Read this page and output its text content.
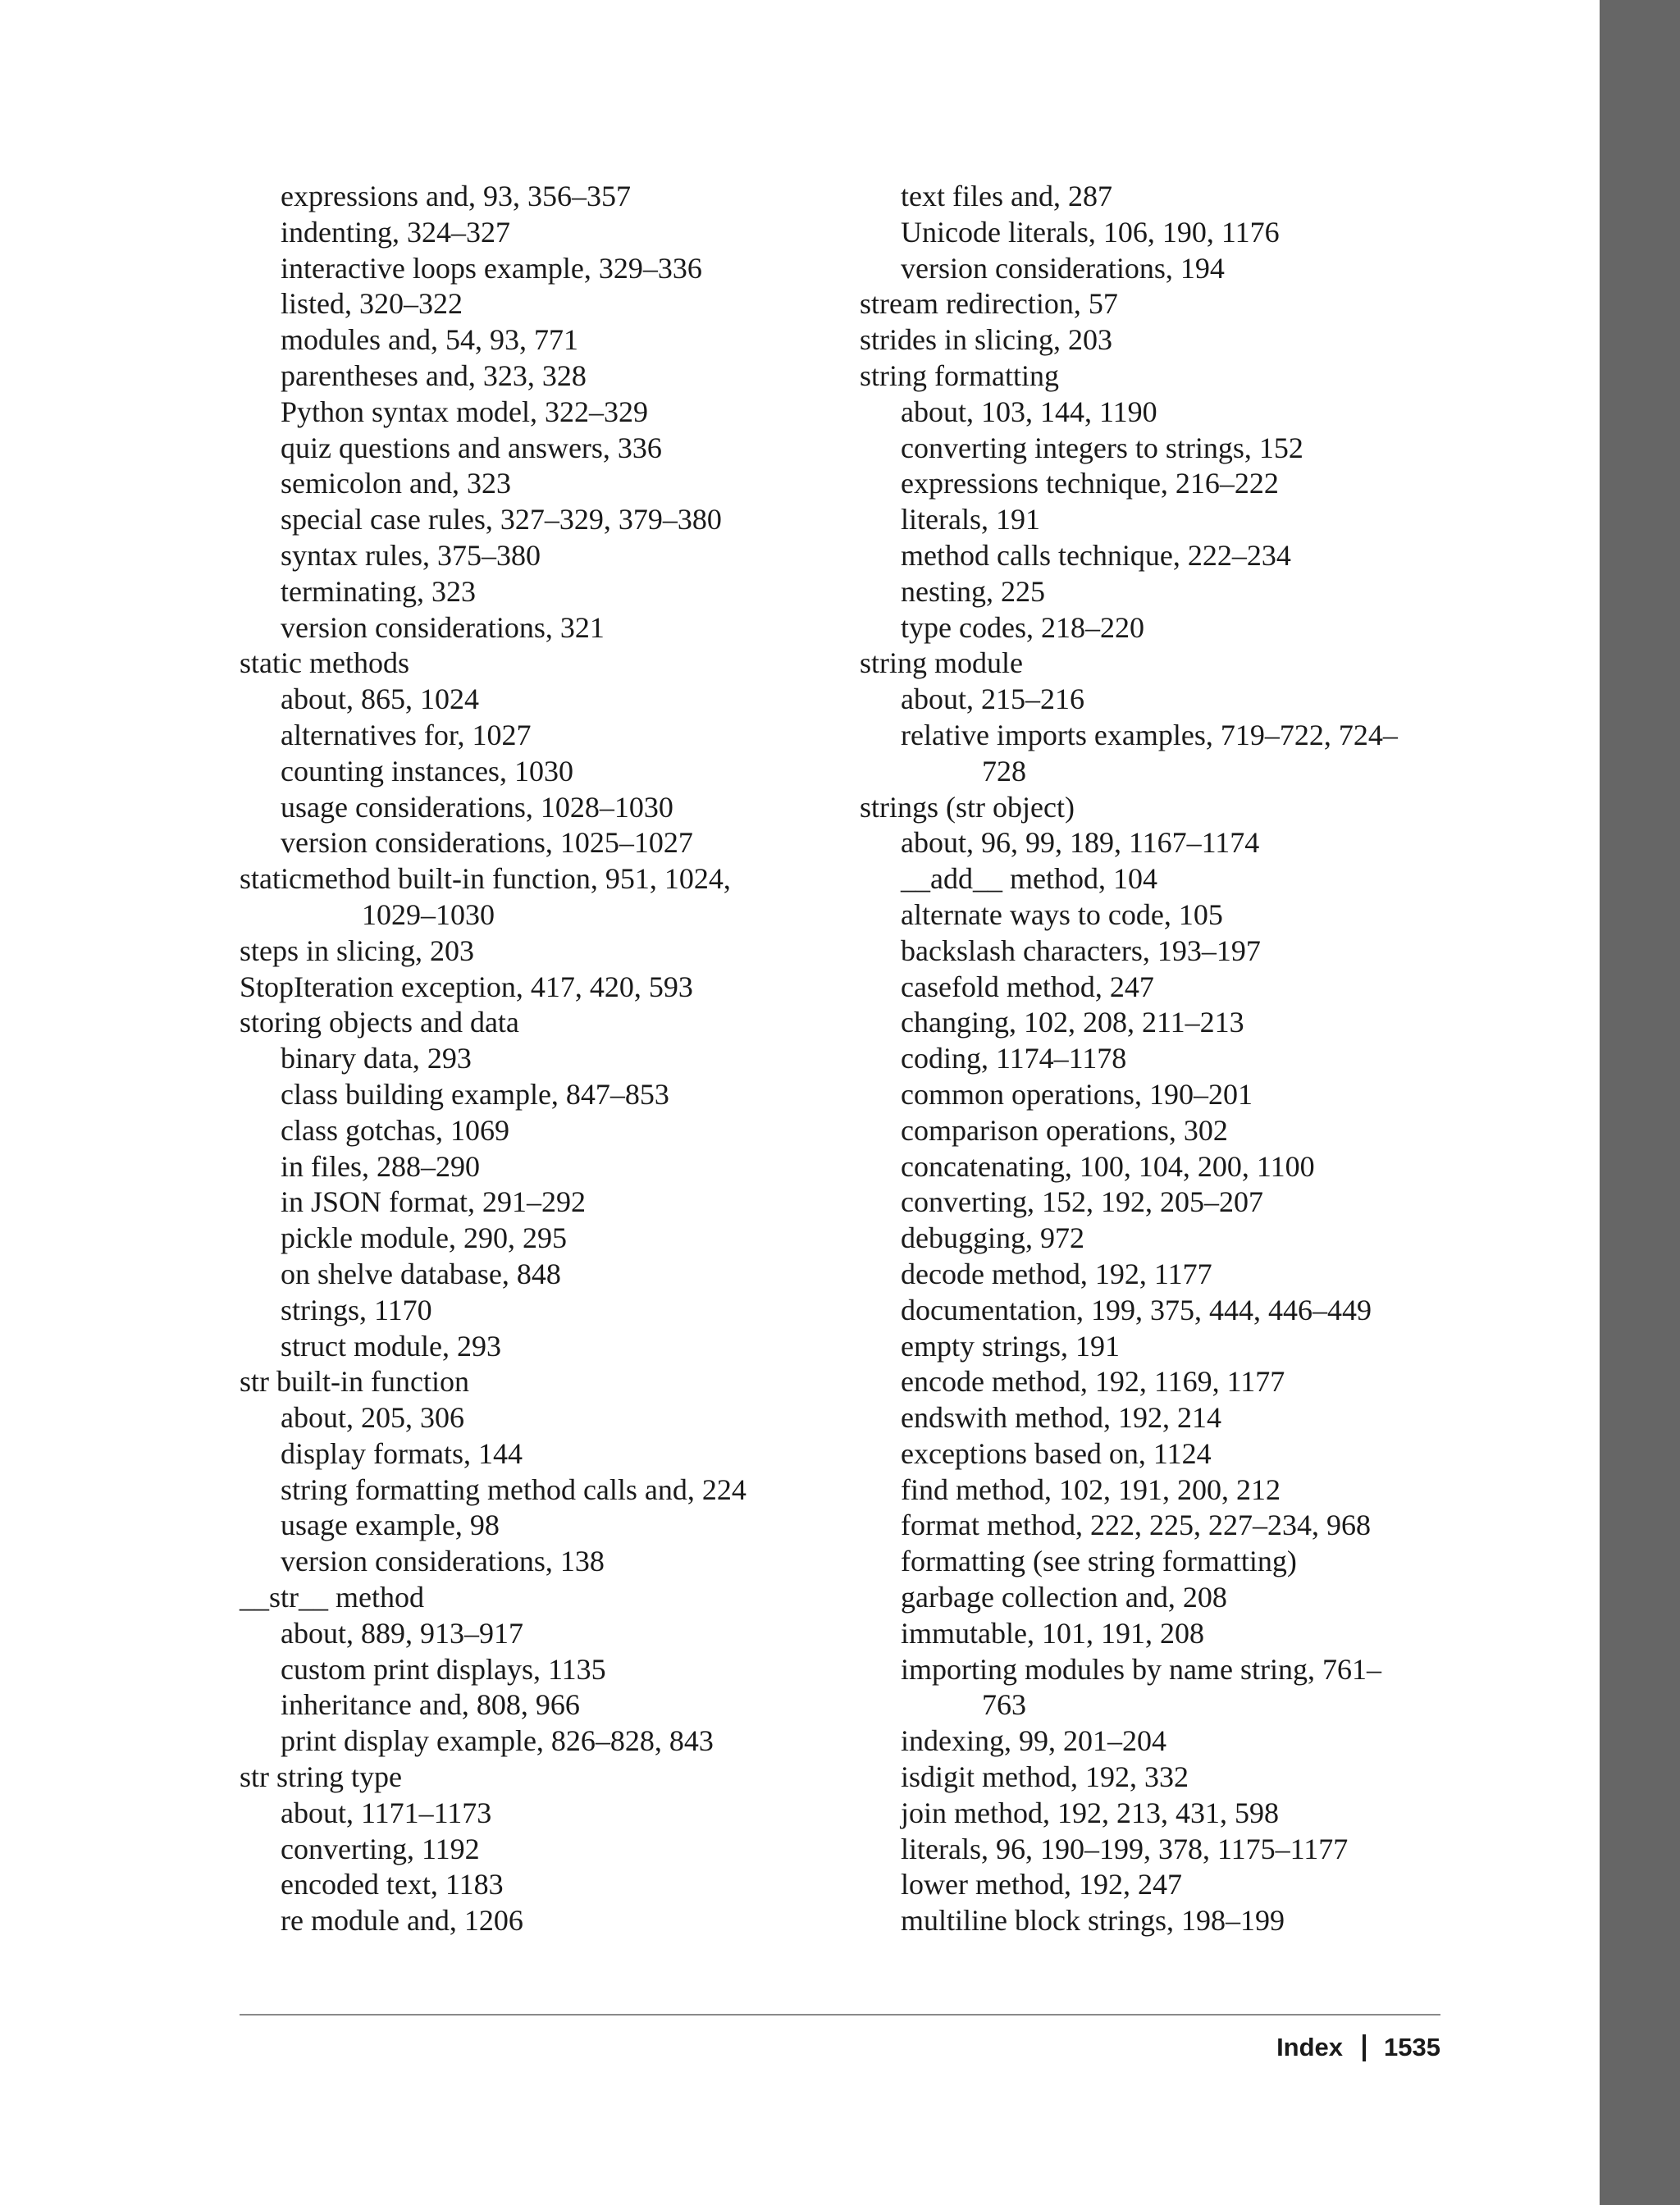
expressions and, 93, 356–357
indenting, 324–327
interactive loops example, 329–336
listed, 320–322
modules and, 54, 93, 771
parentheses and, 323, 328
Python syntax model, 322–329
quiz questions and answers, 336
semicolon and, 323
special case rules, 327–329, 379–380
syntax rules, 375–380
terminating, 323
version considerations, 321
static methods
about, 865, 1024
alternatives for, 1027
counting instances, 1030
usage considerations, 1028–1030
version considerations, 1025–1027
staticmethod built-in function, 951, 1024,
1029–1030
steps in slicing, 203
StopIteration exception, 417, 420, 593
storing objects and data
binary data, 293
class building example, 847–853
class gotchas, 1069
in files, 288–290
in JSON format, 291–292
pickle module, 290, 295
on shelve database, 848
strings, 1170
struct module, 293
str built-in function
about, 205, 306
display formats, 144
string formatting method calls and, 224
usage example, 98
version considerations, 138
__str__ method
about, 889, 913–917
custom print displays, 1135
inheritance and, 808, 966
print display example, 826–828, 843
str string type
about, 1171–1173
converting, 1192
encoded text, 1183
re module and, 1206
text files and, 287
Unicode literals, 106, 190, 1176
version considerations, 194
stream redirection, 57
strides in slicing, 203
string formatting
about, 103, 144, 1190
converting integers to strings, 152
expressions technique, 216–222
literals, 191
method calls technique, 222–234
nesting, 225
type codes, 218–220
string module
about, 215–216
relative imports examples, 719–722, 724–
728
strings (str object)
about, 96, 99, 189, 1167–1174
__add__ method, 104
alternate ways to code, 105
backslash characters, 193–197
casefold method, 247
changing, 102, 208, 211–213
coding, 1174–1178
common operations, 190–201
comparison operations, 302
concatenating, 100, 104, 200, 1100
converting, 152, 192, 205–207
debugging, 972
decode method, 192, 1177
documentation, 199, 375, 444, 446–449
empty strings, 191
encode method, 192, 1169, 1177
endswith method, 192, 214
exceptions based on, 1124
find method, 102, 191, 200, 212
format method, 222, 225, 227–234, 968
formatting (see string formatting)
garbage collection and, 208
immutable, 101, 191, 208
importing modules by name string, 761–
763
indexing, 99, 201–204
isdigit method, 192, 332
join method, 192, 213, 431, 598
literals, 96, 190–199, 378, 1175–1177
lower method, 192, 247
multiline block strings, 198–199
Index 1535
